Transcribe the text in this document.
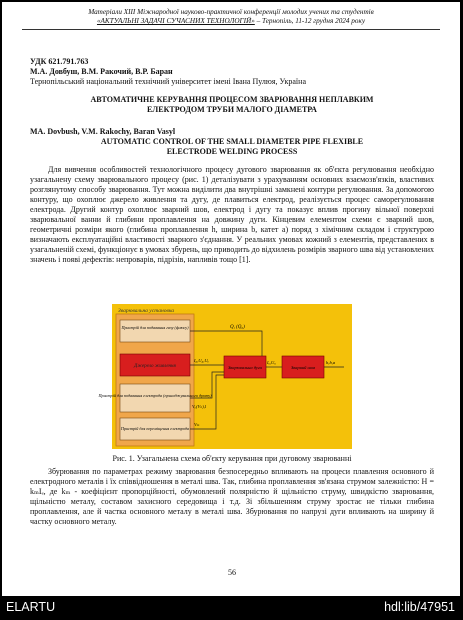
Матеріали XIII Міжнародної науково-практичної конференції молодих учених та студентів
«АКТУАЛЬНІ ЗАДАЧІ СУЧАСНИХ ТЕХНОЛОГІЙ» – Тернопіль, 11-12 грудня 2024 року
УДК 621.791.763
М.А. Довбуш, В.М. Ракочий, В.Р. Баран
Тернопільський національний технічний університет імені Івана Пулюя, Україна
АВТОМАТИЧНЕ КЕРУВАННЯ ПРОЦЕСОМ ЗВАРЮВАННЯ НЕПЛАВКИМ
ЕЛЕКТРОДОМ ТРУБИ МАЛОГО ДІАМЕТРА
MA. Dovbush, V.M. Rakochy, Baran Vasyl
AUTOMATIC CONTROL OF THE SMALL DIAMETER PIPE FLEXIBLE
ELECTRODE WELDING PROCESS
Для вивчення особливостей технологічного процесу дугового зварювання як об'єкта регулювання необхідно узагальнену схему зварювального процесу (рис. 1) деталізувати з урахуванням основних взаємозв'язків, властивих розглянутому способу зварювання. Тут можна виділити два внутрішні замкнені контури регулювання. За допомогою контуру, що охоплює джерело живлення та дугу, де плавиться електрод, реалізується процес саморегулювання електрода. Другий контур охоплює зварний шов, електрод і дугу та показує вплив прогину вільної поверхні зварювальної ванни й глибини проплавлення на довжину дуги. Кінцевим елементом схеми є зварний шов, геометричні розміри якого (глибина проплавлення h, ширина b, катет a) поряд з хімічним складом і структурою визначають експлуатаційні властивості зварного з'єднання. У реальних умовах кожний з елементів, представлених в узагальненій схемі, функціонує в умовах збурень, що приводить до відхилень розмірів зварного шва від установлених значень і появі дефектів: непроварів, підрізів, напливів тощо [1].
Зварювальна установка
Пристрій для подавання газу (флюсу)
Джерело живлення
Пристрій для подавання електрода (присаджувального дроту)
Пристрій для переміщення електрода
Зварювальна дуга	Зварний шов
Q, (Q₀)
I₀,U₀,Uₑ
Vₑ(Vₙ),l
Vₘ
Iᵤ,Uᵤ	h,b,a
Рис. 1. Узагальнена схема об'єкту керування при дуговому зварюванні
Збурювання по параметрах режиму зварювання безпосередньо впливають на процеси плавлення основного й електродного металів і їх співвідношення в металі шва. Так, глибина проплавлення зв'язана струмом залежністю: H = kₘIₑ, де kₘ - коефіцієнт пропорційності, обумовлений полярністю й щільністю струму, швидкістю зварювання, щільністю металу, составом захисного середовища і т.д. Зі збільшенням струму зростає не тільки глибина проплавлення, але й частка основного металу в металі шва. Збурювання по напрузі дуги впливають на ширину й частку основного металу.
56
ELARTU	hdl:lib/47951
